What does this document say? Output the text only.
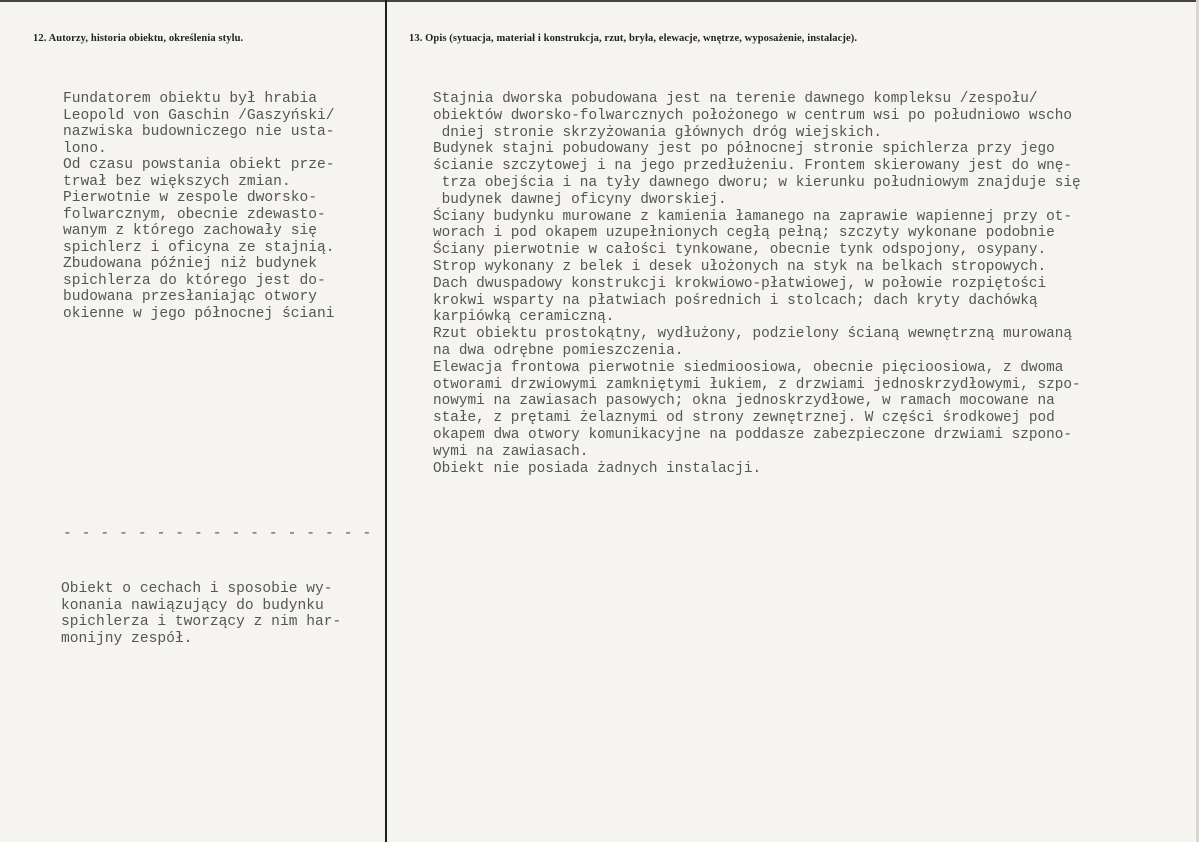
12. Autorzy, historia obiektu, określenia stylu.	13. Opis (sytuacja, materiał i konstrukcja, rzut, bryła, elewacje, wnętrze, wyposażenie, instalacje).
Fundatorem obiektu był hrabia
Leopold von Gaschin /Gaszyński/
nazwiska budowniczego nie usta-
lono.
Od czasu powstania obiekt prze-
trwał bez większych zmian.
Pierwotnie w zespole dworsko-
folwarcznym, obecnie zdewasto-
wanym z którego zachowały się
spichlerz i oficyna ze stajnią.
Zbudowana później niż budynek
spichlerza do którego jest do-
budowana przesłaniając otwory
okienne w jego północnej ściani
- - - - - - - - - - - - - - - - -
Obiekt o cechach i sposobie wy-
konania nawiązujący do budynku
spichlerza i tworzący z nim har-
monijny zespół.
Stajnia dworska pobudowana jest na terenie dawnego kompleksu /zespołu/
obiektów dworsko-folwarcznych położonego w centrum wsi po południowo wscho
dniej stronie skrzyżowania głównych dróg wiejskich.
Budynek stajni pobudowany jest po północnej stronie spichlerza przy jego
ścianie szczytowej i na jego przedłużeniu. Frontem skierowany jest do wnę-
trza obejścia i na tyły dawnego dworu; w kierunku południowym znajduje się
budynek dawnej oficyny dworskiej.
Ściany budynku murowane z kamienia łamanego na zaprawie wapiennej przy ot-
worach i pod okapem uzupełnionych cegłą pełną; szczyty wykonane podobnie
Ściany pierwotnie w całości tynkowane, obecnie tynk odspojony, osypany.
Strop wykonany z belek i desek ułożonych na styk na belkach stropowych.
Dach dwuspadowy konstrukcji krokwiowo-płatwiowej, w połowie rozpiętości
krokwi wsparty na płatwiach pośrednich i stolcach; dach kryty dachówką
karpiówką ceramiczną.
Rzut obiektu prostokątny, wydłużony, podzielony ścianą wewnętrzną murowaną
na dwa odrębne pomieszczenia.
Elewacja frontowa pierwotnie siedmioosiowa, obecnie pięcioosiowa, z dwoma
otworami drzwiowymi zamkniętymi łukiem, z drzwiami jednoskrzydłowymi, szpo-
nowymi na zawiasach pasowych; okna jednoskrzydłowe, w ramach mocowane na
stałe, z prętami żelaznymi od strony zewnętrznej. W części środkowej pod
okapem dwa otwory komunikacyjne na poddasze zabezpieczone drzwiami szpono-
wymi na zawiasach.
Obiekt nie posiada żadnych instalacji.
